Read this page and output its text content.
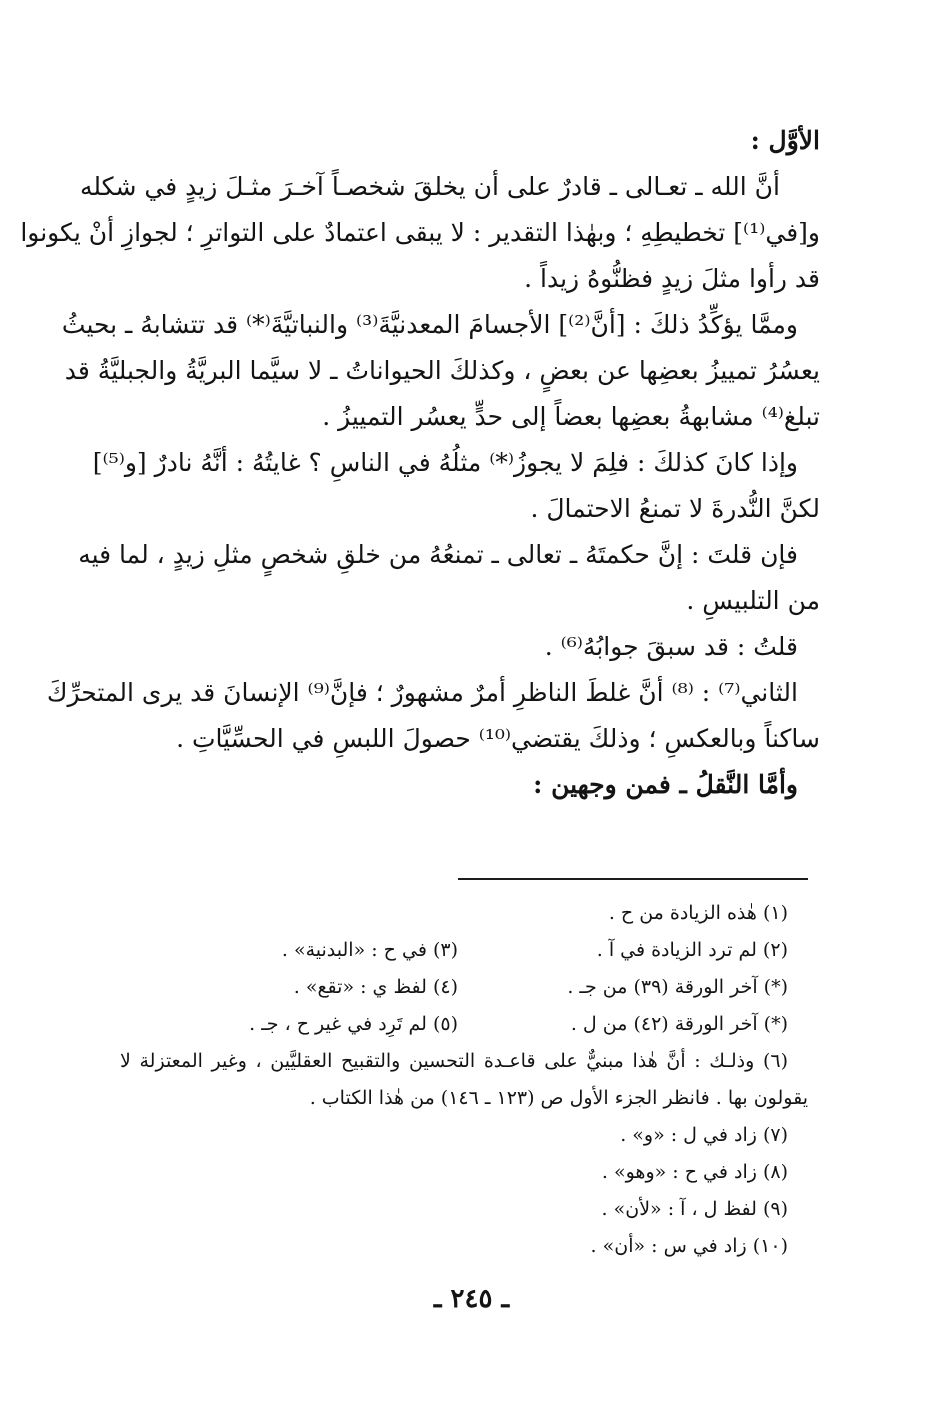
الأوَّل :
أنَّ الله ـ تعـالى ـ قادرٌ على أن يخلقَ شخصـاً آخـرَ مثـلَ زيدٍ في شكله
و[في⁽¹⁾] تخطيطِهِ ؛ وبهٰذا التقدير : لا يبقى اعتمادٌ على التواترِ ؛ لجوازِ أنْ يكونوا
قد رأوا مثلَ زيدٍ فظنُّوهُ زيداً .
وممَّا يؤكِّدُ ذلكَ : [أنَّ⁽²⁾] الأجسامَ المعدنيَّةَ⁽³⁾ والنباتيَّةَ⁽*⁾ قد تتشابهُ ـ بحيثُ
يعسُرُ تمييزُ بعضِها عن بعضٍ ، وكذلكَ الحيواناتُ ـ لا سيَّما البريَّةُ والجبليَّةُ قد
تبلغ⁽⁴⁾ مشابهةُ بعضِها بعضاً إلى حدٍّ يعسُر التمييزُ .
وإذا كانَ كذلكَ : فلِمَ لا يجوزُ⁽*⁾ مثلُهُ في الناسِ ؟ غايتُهُ : أنَّهُ نادرٌ [و⁽⁵⁾]
لكنَّ النُّدرةَ لا تمنعُ الاحتمالَ .
فإن قلتَ : إنَّ حكمتَهُ ـ تعالى ـ تمنعُهُ من خلقِ شخصٍ مثلِ زيدٍ ، لما فيه
من التلبيسِ .
قلتُ : قد سبقَ جوابُهُ⁽⁶⁾ .
الثاني⁽⁷⁾ : ⁽⁸⁾ أنَّ غلطَ الناظرِ أمرٌ مشهورٌ ؛ فإنَّ⁽⁹⁾ الإنسانَ قد يرى المتحرِّكَ
ساكناً وبالعكسِ ؛ وذلكَ يقتضي⁽¹⁰⁾ حصولَ اللبسِ في الحسِّيَّاتِ .
وأمَّا النَّقلُ ـ فمن وجهين :
(١) هٰذه الزيادة من ح .
(٢) لم ترد الزيادة في آ .
(٣) في ح : «البدنية» .
(*) آخر الورقة (٣٩) من جـ .
(٤) لفظ ي : «تقع» .
(*) آخر الورقة (٤٢) من ل .
(٥) لم تَرِد في غير ح ، جـ .
(٦) وذلـك : أنَّ هٰذا مبنيٌّ على قاعـدة التحسين والتقبيح العقليَّين ، وغير المعتزلة لا
يقولون بها . فانظر الجزء الأول ص (١٢٣ ـ ١٤٦) من هٰذا الكتاب .
(٧) زاد في ل : «و» .
(٨) زاد في ح : «وهو» .
(٩) لفظ ل ، آ : «لأن» .
(١٠) زاد في س : «أن» .
ـ ٢٤٥ ـ
